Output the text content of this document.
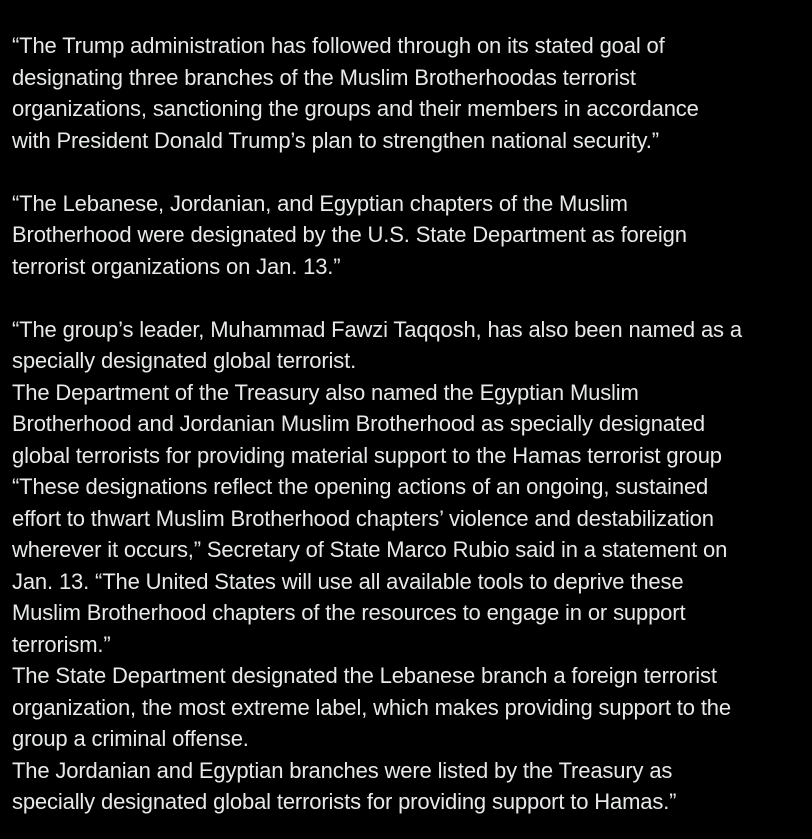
“The Trump administration has followed through on its stated goal of
designating three branches of the Muslim Brotherhoodas terrorist
organizations, sanctioning the groups and their members in accordance
with President Donald Trump’s plan to strengthen national security.”
“The Lebanese, Jordanian, and Egyptian chapters of the Muslim
Brotherhood were designated by the U.S. State Department as foreign
terrorist organizations on Jan. 13.”
“The group’s leader, Muhammad Fawzi Taqqosh, has also been named as a
specially designated global terrorist.
The Department of the Treasury also named the Egyptian Muslim
Brotherhood and Jordanian Muslim Brotherhood as specially designated
global terrorists for providing material support to the Hamas terrorist group
“These designations reflect the opening actions of an ongoing, sustained
effort to thwart Muslim Brotherhood chapters’ violence and destabilization
wherever it occurs,” Secretary of State Marco Rubio said in a statement on
Jan. 13. “The United States will use all available tools to deprive these
Muslim Brotherhood chapters of the resources to engage in or support
terrorism.”
The State Department designated the Lebanese branch a foreign terrorist
organization, the most extreme label, which makes providing support to the
group a criminal offense.
The Jordanian and Egyptian branches were listed by the Treasury as
specially designated global terrorists for providing support to Hamas.”
